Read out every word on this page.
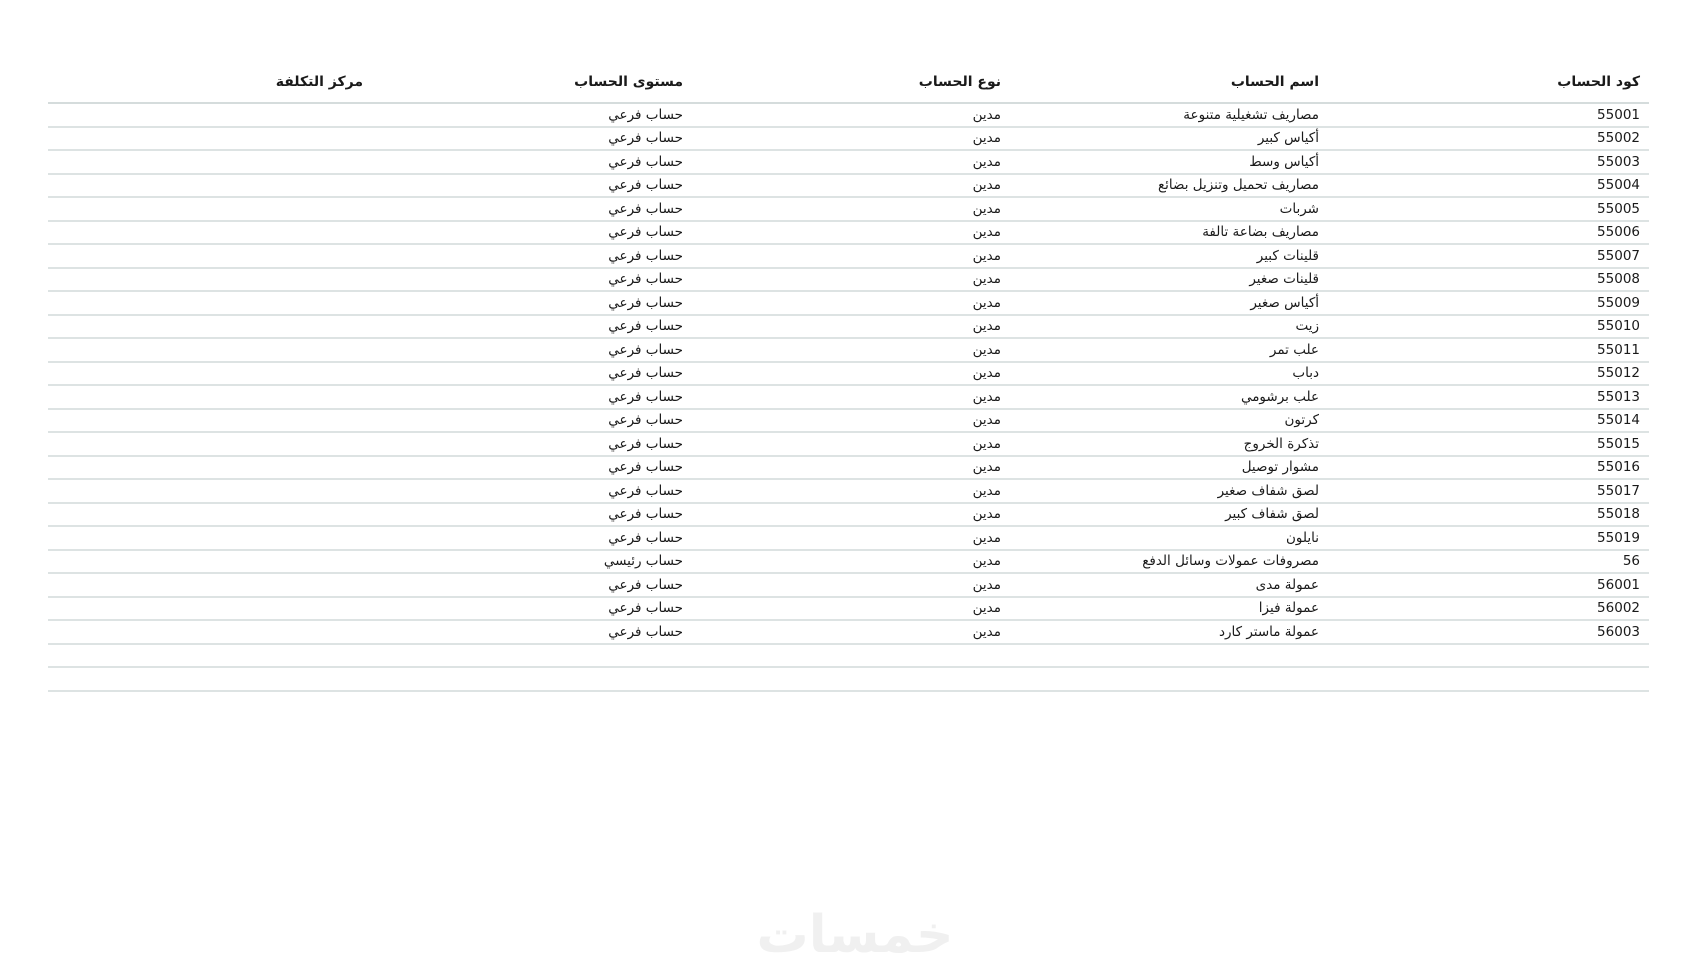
كود الحساب	اسم الحساب	نوع الحساب	مستوى الحساب	مركز التكلفة
55001	مصاريف تشغيلية متنوعة	مدين	حساب فرعي	
55002	أكياس كبير	مدين	حساب فرعي	
55003	أكياس وسط	مدين	حساب فرعي	
55004	مصاريف تحميل وتنزيل بضائع	مدين	حساب فرعي	
55005	شربات	مدين	حساب فرعي	
55006	مصاريف بضاعة تالفة	مدين	حساب فرعي	
55007	قلينات كبير	مدين	حساب فرعي	
55008	قلينات صغير	مدين	حساب فرعي	
55009	أكياس صغير	مدين	حساب فرعي	
55010	زيت	مدين	حساب فرعي	
55011	علب تمر	مدين	حساب فرعي	
55012	دباب	مدين	حساب فرعي	
55013	علب برشومي	مدين	حساب فرعي	
55014	كرتون	مدين	حساب فرعي	
55015	تذكرة الخروج	مدين	حساب فرعي	
55016	مشوار توصيل	مدين	حساب فرعي	
55017	لصق شفاف صغير	مدين	حساب فرعي	
55018	لصق شفاف كبير	مدين	حساب فرعي	
55019	نايلون	مدين	حساب فرعي	
56	مصروفات عمولات وسائل الدفع	مدين	حساب رئيسي	
56001	عمولة مدى	مدين	حساب فرعي	
56002	عمولة فيزا	مدين	حساب فرعي	
56003	عمولة ماستر كارد	مدين	حساب فرعي	

خمسات
